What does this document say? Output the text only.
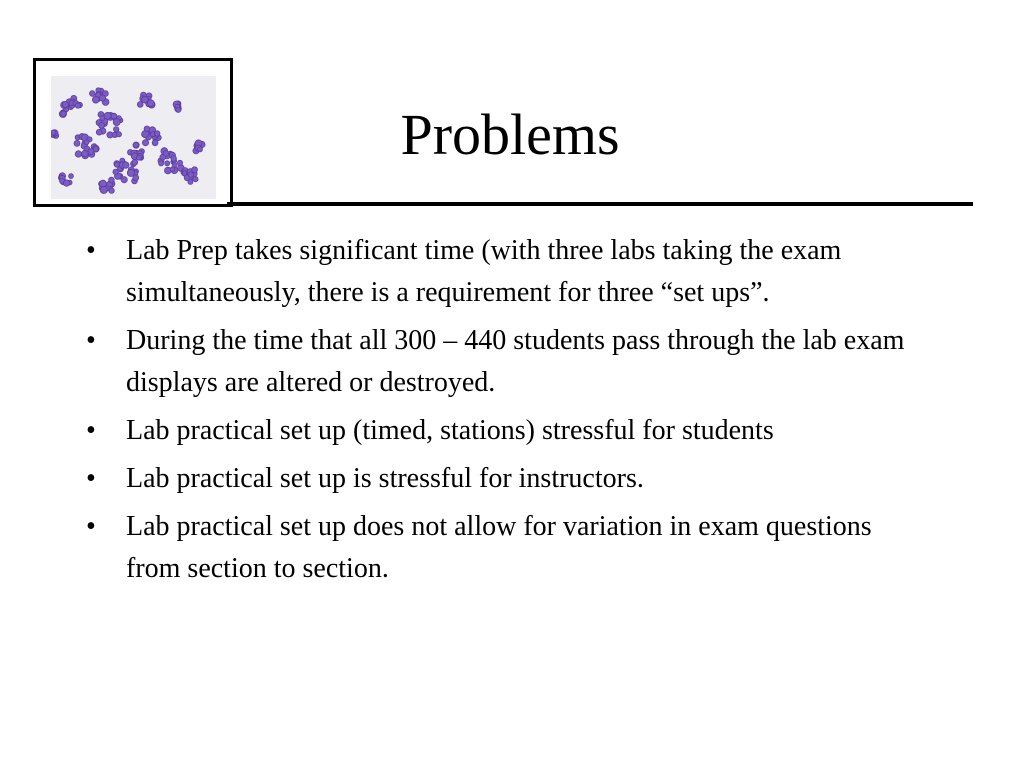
Problems
•	Lab Prep takes significant time (with three labs taking the exam simultaneously, there is a requirement for three “set ups”.
•	During the time that all 300 – 440 students pass through the lab exam displays are altered or destroyed.
•	Lab practical set up (timed, stations) stressful for students
•	Lab practical set up is stressful for instructors.
•	Lab practical set up does not allow for variation in exam questions from section to section.
